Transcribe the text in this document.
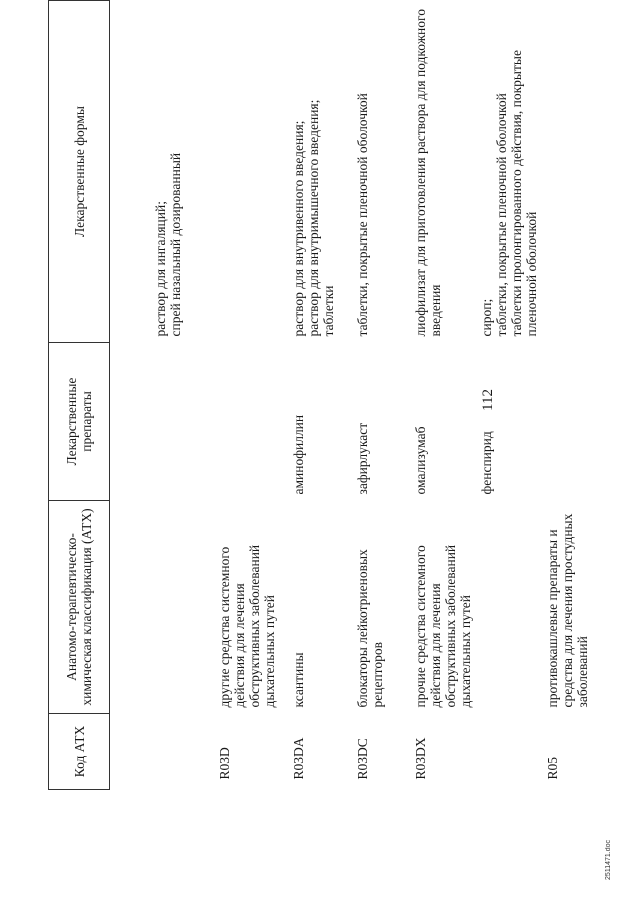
112
Код АТХ	Анатомо-терапевтическо-химическая классификация (АТХ)	Лекарственные препараты	Лекарственные формы

			раствор для ингаляций; спрей назальный дозированный

R03D	другие средства системного действия для лечения обструктивных заболеваний дыхательных путей		
R03DA	ксантины	аминофиллин	раствор для внутривенного введения; раствор для внутримышечного введения; таблетки

R03DC	блокаторы лейкотриеновых рецепторов	зафирлукаст	таблетки, покрытые пленочной оболочкой

R03DX	прочие средства системного действия для лечения обструктивных заболеваний дыхательных путей	омализумаб	лиофилизат для приготовления раствора для подкожного введения

		фенспирид	сироп; таблетки, покрытые пленочной оболочкой таблетки пролонгированного действия, покрытые пленочной оболочкой

R05	противокашлевые препараты и средства для лечения простудных заболеваний		
2511471.doc
